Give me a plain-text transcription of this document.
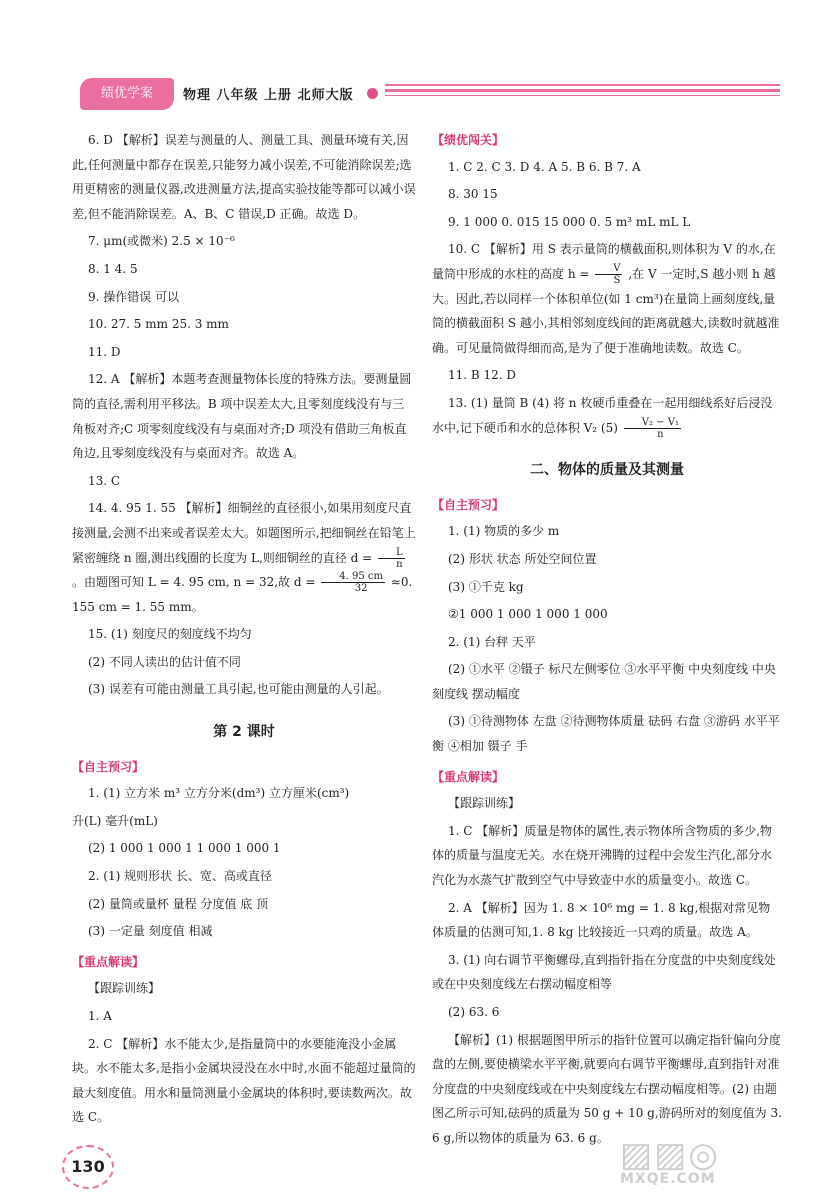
绩优学案	物理 八年级 上册 北师大版

6. D 【解析】误差与测量的人、测量工具、测量环境有关,因此,任何测量中都存在误差,只能努力减小误差,不可能消除误差;选用更精密的测量仪器,改进测量方法,提高实验技能等都可以减小误差,但不能消除误差。A、B、C 错误,D 正确。故选 D。

7. μm(或微米) 2.5 × 10⁻⁶

8. 1 4. 5

9. 操作错误 可以

10. 27. 5 mm 25. 3 mm

11. D

12. A 【解析】本题考查测量物体长度的特殊方法。要测量圆筒的直径,需利用平移法。B 项中误差太大,且零刻度线没有与三角板对齐;C 项零刻度线没有与桌面对齐;D 项没有借助三角板直角边,且零刻度线没有与桌面对齐。故选 A。

13. C

14. 4. 95 1. 55 【解析】细铜丝的直径很小,如果用刻度尺直接测量,会测不出来或者误差太大。如题图所示,把细铜丝在铅笔上紧密缠绕 n 圈,测出线圈的长度为 L,则细铜丝的直径 $d = \frac{L}{n}$
。由题图可知 L = 4. 95 cm, n = 32,故 $d = \frac{4. 95 cm}{32} \approx 0$. 155 cm = 1. 55 mm。

15. (1) 刻度尺的刻度线不均匀

(2) 不同人读出的估计值不同

(3) 误差有可能由测量工具引起,也可能由测量的人引起。

第 2 课时
【自主预习】

1. (1) 立方米 m³ 立方分米(dm³) 立方厘米(cm³)

升(L) 毫升(mL)

(2) 1 000 1 000 1 1 000 1 000 1

2. (1) 规则形状 长、宽、高或直径

(2) 量筒或量杯 量程 分度值 底 顶

(3) 一定量 刻度值 相减

【重点解读】

【跟踪训练】

1. A

2. C 【解析】水不能太少,是指量筒中的水要能淹没小金属块。水不能太多,是指小金属块浸没在水中时,水面不能超过量筒的最大刻度值。用水和量筒测量小金属块的体积时,要读数两次。故选 C。

【绩优闯关】

1. C 2. C 3. D 4. A 5. B 6. B 7. A

8. 30 15

9. 1 000 0. 015 15 000 0. 5 m³ mL mL L

10. C 【解析】用 S 表示量筒的横截面积,则体积为 V 的水,在量筒中形成的水柱的高度 $h = \frac{V}{S}$ ,在 V 一定时,S 越小则 h 越大。因此,若以同样一个体积单位(如 1 cm³)在量筒上画刻度线,量筒的横截面积 S 越小,其相邻刻度线间的距离就越大,读数时就越准确。可见量筒做得细而高,是为了便于准确地读数。故选 C。

11. B 12. D

13. (1) 量筒 B (4) 将 n 枚硬币重叠在一起用细线系好后浸没水中,记下硬币和水的总体积 V₂ $(5) \frac{\text{V₂ − V₁}}{n}$

二、物体的质量及其测量
【自主预习】

1. (1) 物质的多少 m

(2) 形状 状态 所处空间位置

(3) ①千克 kg

②1 000 1 000 1 000 1 000

2. (1) 台秤 天平

(2) ①水平 ②镊子 标尺左侧零位 ③水平平衡 中央刻度线 中央刻度线 摆动幅度

(3) ①待测物体 左盘 ②待测物体质量 砝码 右盘 ③游码 水平平衡 ④相加 镊子 手

【重点解读】

【跟踪训练】

1. C 【解析】质量是物体的属性,表示物体所含物质的多少,物体的质量与温度无关。水在烧开沸腾的过程中会发生汽化,部分水汽化为水蒸气扩散到空气中导致壶中水的质量变小。故选 C。

2. A 【解析】因为 1. 8 × 10⁶ mg = 1. 8 kg,根据对常见物体质量的估测可知,1. 8 kg 比较接近一只鸡的质量。故选 A。

3. (1) 向右调节平衡螺母,直到指针指在分度盘的中央刻度线处或在中央刻度线左右摆动幅度相等

(2) 63. 6

【解析】(1) 根据题图甲所示的指针位置可以确定指针偏向分度盘的左侧,要使横梁水平平衡,就要向右调节平衡螺母,直到指针对准分度盘的中央刻度线或在中央刻度线左右摆动幅度相等。(2) 由题图乙所示可知,砝码的质量为 50 g + 10 g,游码所对的刻度值为 3. 6 g,所以物体的质量为 63. 6 g。

130	▨▨◎
MXQE.COM
